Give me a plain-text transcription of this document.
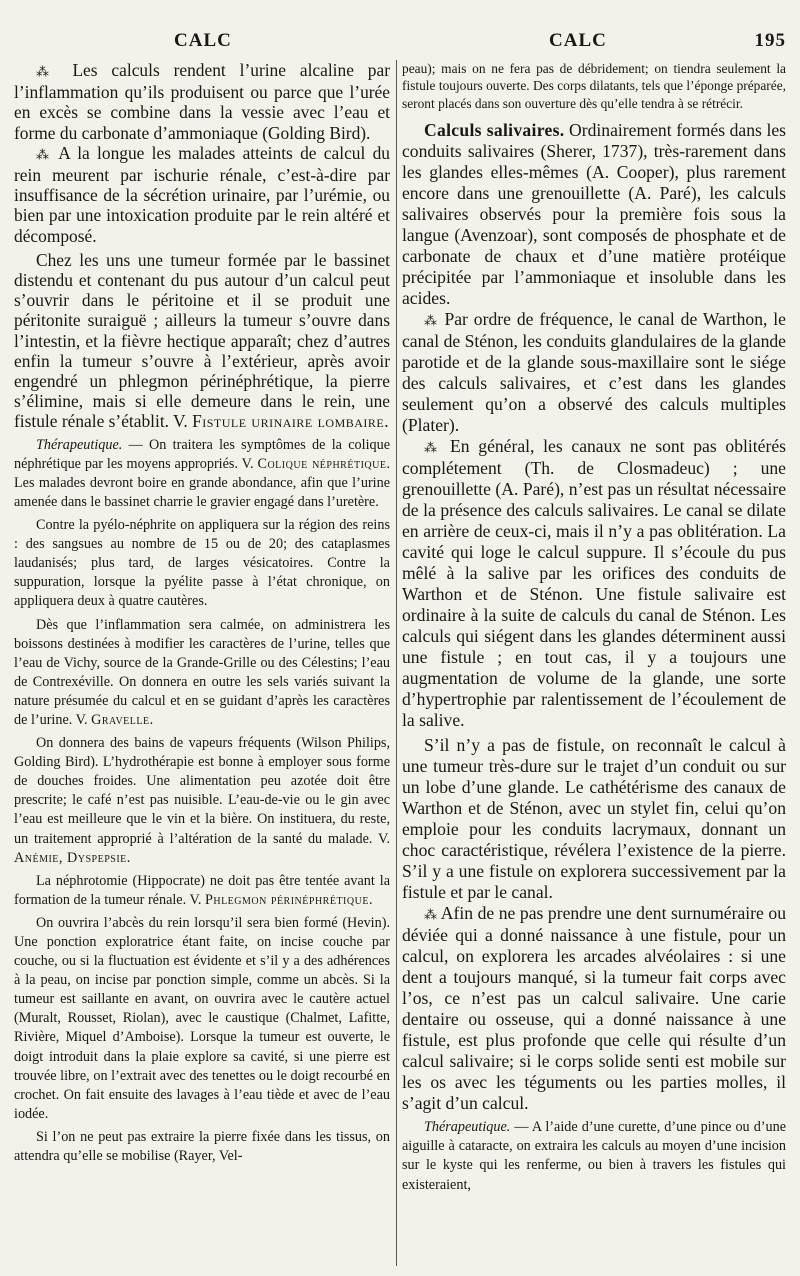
CALC	CALC	195

⁂ Les calculs rendent l’urine alcaline par l’inflammation qu’ils produisent ou parce que l’urée en excès se combine dans la vessie avec l’eau et forme du carbonate d’ammoniaque (Golding Bird).

⁂ A la longue les malades atteints de calcul du rein meurent par ischurie rénale, c’est-à-dire par insuffisance de la sécrétion urinaire, par l’urémie, ou bien par une intoxication produite par le rein altéré et décomposé.

Chez les uns une tumeur formée par le bassinet distendu et contenant du pus autour d’un calcul peut s’ouvrir dans le péritoine et il se produit une péritonite suraiguë ; ailleurs la tumeur s’ouvre dans l’intestin, et la fièvre hectique apparaît; chez d’autres enfin la tumeur s’ouvre à l’extérieur, après avoir engendré un phlegmon périnéphrétique, la pierre s’élimine, mais si elle demeure dans le rein, une fistule rénale s’établit. V. Fistule urinaire lombaire.

Thérapeutique. — On traitera les symptômes de la colique néphrétique par les moyens appropriés. V. Colique néphrétique. Les malades devront boire en grande abondance, afin que l’urine amenée dans le bassinet charrie le gravier engagé dans l’uretère.

Contre la pyélo-néphrite on appliquera sur la région des reins : des sangsues au nombre de 15 ou de 20; des cataplasmes laudanisés; plus tard, de larges vésicatoires. Contre la suppuration, lorsque la pyélite passe à l’état chronique, on appliquera deux à quatre cautères.

Dès que l’inflammation sera calmée, on administrera les boissons destinées à modifier les caractères de l’urine, telles que l’eau de Vichy, source de la Grande-Grille ou des Célestins; l’eau de Contrexéville. On donnera en outre les sels variés suivant la nature présumée du calcul et en se guidant d’après les caractères de l’urine. V. Gravelle.

On donnera des bains de vapeurs fréquents (Wilson Philips, Golding Bird). L’hydrothérapie est bonne à employer sous forme de douches froides. Une alimentation peu azotée doit être prescrite; le café n’est pas nuisible. L’eau-de-vie ou le gin avec l’eau est meilleure que le vin et la bière. On instituera, du reste, un traitement approprié à l’altération de la santé du malade. V. Anémie, Dyspepsie.

La néphrotomie (Hippocrate) ne doit pas être tentée avant la formation de la tumeur rénale. V. Phlegmon périnéphrétique.

On ouvrira l’abcès du rein lorsqu’il sera bien formé (Hevin). Une ponction exploratrice étant faite, on incise couche par couche, ou si la fluctuation est évidente et s’il y a des adhérences à la peau, on incise par ponction simple, comme un abcès. Si la tumeur est saillante en avant, on ouvrira avec le cautère actuel (Muralt, Rousset, Riolan), avec le caustique (Chalmet, Lafitte, Rivière, Miquel d’Amboise). Lorsque la tumeur est ouverte, le doigt introduit dans la plaie explore sa cavité, si une pierre est trouvée libre, on l’extrait avec des tenettes ou le doigt recourbé en crochet. On fait ensuite des lavages à l’eau tiède et avec de l’eau iodée.

Si l’on ne peut pas extraire la pierre fixée dans les tissus, on attendra qu’elle se mobilise (Rayer, Vel-

peau); mais on ne fera pas de débridement; on tiendra seulement la fistule toujours ouverte. Des corps dilatants, tels que l’éponge préparée, seront placés dans son ouverture dès qu’elle tendra à se rétrécir.

Calculs salivaires. Ordinairement formés dans les conduits salivaires (Sherer, 1737), très-rarement dans les glandes elles-mêmes (A. Cooper), plus rarement encore dans une grenouillette (A. Paré), les calculs salivaires observés pour la première fois sous la langue (Avenzoar), sont composés de phosphate et de carbonate de chaux et d’une matière protéique précipitée par l’ammoniaque et insoluble dans les acides.

⁂ Par ordre de fréquence, le canal de Warthon, le canal de Sténon, les conduits glandulaires de la glande parotide et de la glande sous-maxillaire sont le siége des calculs salivaires, et c’est dans les glandes seulement qu’on a observé des calculs multiples (Plater).

⁂ En général, les canaux ne sont pas oblitérés complétement (Th. de Closmadeuc) ; une grenouillette (A. Paré), n’est pas un résultat nécessaire de la présence des calculs salivaires. Le canal se dilate en arrière de ceux-ci, mais il n’y a pas oblitération. La cavité qui loge le calcul suppure. Il s’écoule du pus mêlé à la salive par les orifices des conduits de Warthon et de Sténon. Une fistule salivaire est ordinaire à la suite de calculs du canal de Sténon. Les calculs qui siégent dans les glandes déterminent aussi une fistule ; en tout cas, il y a toujours une augmentation de volume de la glande, une sorte d’hypertrophie par ralentissement de l’écoulement de la salive.

S’il n’y a pas de fistule, on reconnaît le calcul à une tumeur très-dure sur le trajet d’un conduit ou sur un lobe d’une glande. Le cathétérisme des canaux de Warthon et de Sténon, avec un stylet fin, celui qu’on emploie pour les conduits lacrymaux, donnant un choc caractéristique, révélera l’existence de la pierre. S’il y a une fistule on explorera successivement par la fistule et par le canal.

⁂ Afin de ne pas prendre une dent surnuméraire ou déviée qui a donné naissance à une fistule, pour un calcul, on explorera les arcades alvéolaires : si une dent a toujours manqué, si la tumeur fait corps avec l’os, ce n’est pas un calcul salivaire. Une carie dentaire ou osseuse, qui a donné naissance à une fistule, est plus profonde que celle qui résulte d’un calcul salivaire; si le corps solide senti est mobile sur les os avec les téguments ou les parties molles, il s’agit d’un calcul.

Thérapeutique. — A l’aide d’une curette, d’une pince ou d’une aiguille à cataracte, on extraira les calculs au moyen d’une incision sur le kyste qui les renferme, ou bien à travers les fistules qui existeraient,
